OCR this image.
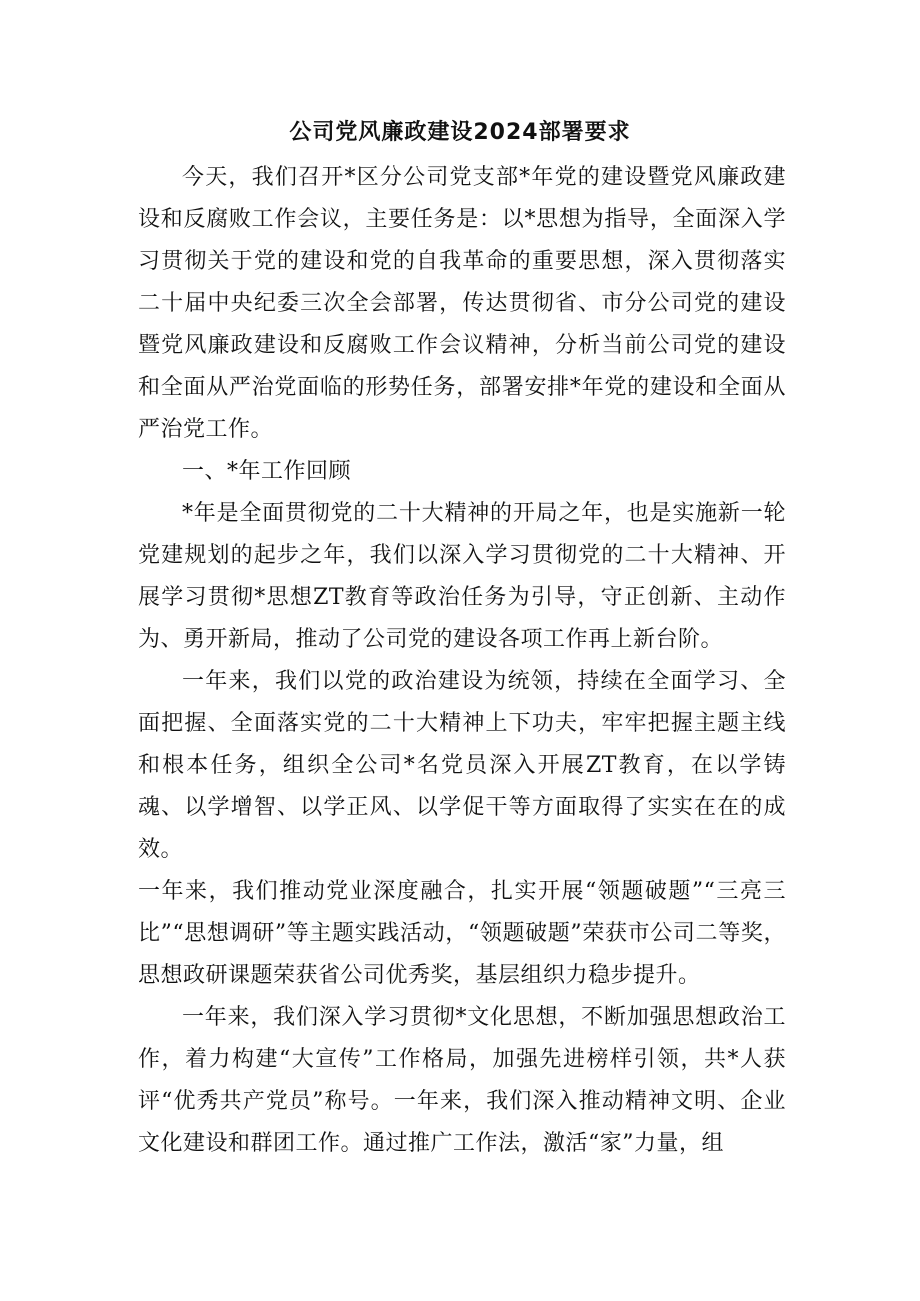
公司党风廉政建设2024部署要求

今天，我们召开*区分公司党支部*年党的建设暨党风廉政建设和反腐败工作会议，主要任务是：以*思想为指导，全面深入学习贯彻关于党的建设和党的自我革命的重要思想，深入贯彻落实二十届中央纪委三次全会部署，传达贯彻省、市分公司党的建设暨党风廉政建设和反腐败工作会议精神，分析当前公司党的建设和全面从严治党面临的形势任务，部署安排*年党的建设和全面从严治党工作。

一、*年工作回顾

*年是全面贯彻党的二十大精神的开局之年，也是实施新一轮党建规划的起步之年，我们以深入学习贯彻党的二十大精神、开展学习贯彻*思想ZT教育等政治任务为引导，守正创新、主动作为、勇开新局，推动了公司党的建设各项工作再上新台阶。

一年来，我们以党的政治建设为统领，持续在全面学习、全面把握、全面落实党的二十大精神上下功夫，牢牢把握主题主线和根本任务，组织全公司*名党员深入开展ZT教育，在以学铸魂、以学增智、以学正风、以学促干等方面取得了实实在在的成效。

一年来，我们推动党业深度融合，扎实开展“领题破题”“三亮三比”“思想调研”等主题实践活动，“领题破题”荣获市公司二等奖，思想政研课题荣获省公司优秀奖，基层组织力稳步提升。

一年来，我们深入学习贯彻*文化思想，不断加强思想政治工作，着力构建“大宣传”工作格局，加强先进榜样引领，共*人获评“优秀共产党员”称号。一年来，我们深入推动精神文明、企业文化建设和群团工作。通过推广工作法，激活“家”力量，组
